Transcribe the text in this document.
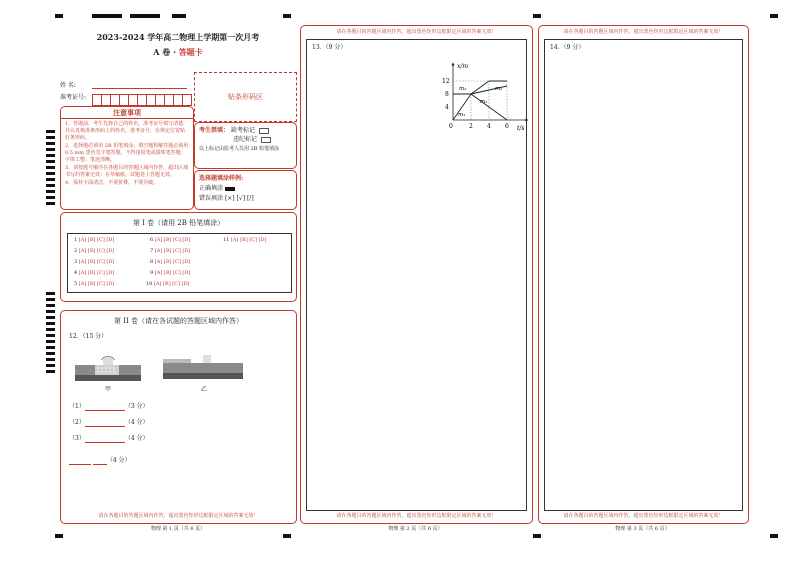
2023-2024 学年高二物理上学期第一次月考
A 卷 · 答题卡
姓 名:
准考证号:	贴条形码区
注意事项
1．答题前，考生先将自己的姓名，准考证号填写清楚，并认真核准条形码上的姓名、准考证号，在规定位置贴好条形码。
2．选择题必须用 2B 铅笔填涂；填空题和解答题必须用 0.5 mm 黑色签字笔答题，不得用铅笔或圆珠笔答题；字体工整、笔迹清晰。
3．请按题号顺序在各题目的答题区域内作答，超出区域书写的答案无效；在草稿纸、试题卷上答题无效。
4．保持卡面清洁，不要折叠、不要弄破。
考生禁填： 缺考标记
违纪标记
以上标记由监考人员用 2B 铅笔填涂
选择题填涂样例:
正确填涂
错误填涂 [×] [√] [/]
第 I 卷（请用 2B 铅笔填涂）
1 [A] [B] [C] [D]
2 [A] [B] [C] [D]
3 [A] [B] [C] [D]
4 [A] [B] [C] [D]
5 [A] [B] [C] [D]
6 [A] [B] [C] [D]
7 [A] [B] [C] [D]
8 [A] [B] [C] [D]
9 [A] [B] [C] [D]
10 [A] [B] [C] [D]
11 [A] [B] [C] [D]
第 II 卷（请在各试题的答题区域内作答）
12．（15 分）
甲	乙
（1）	（3 分）
（2）	（4 分）
（3）	（4 分）
（4 分）
请在各题目的答题区域内作答，超出黑色矩形边框限定区域的答案无效！
物理 第 1 页（共 6 页）
请在各题目的答题区域内作答，超出黑色矩形边框限定区域的答案无效！
13．（9 分）
x/m
t/s
12
8
4
0	2 4 6
m₂
m₁
m₂
m₁
请在各题目的答题区域内作答，超出黑色矩形边框限定区域的答案无效！
物理 第 2 页（共 6 页）
请在各题目的答题区域内作答，超出黑色矩形边框限定区域的答案无效！
14．（9 分）
请在各题目的答题区域内作答，超出黑色矩形边框限定区域的答案无效！
物理 第 3 页（共 6 页）
